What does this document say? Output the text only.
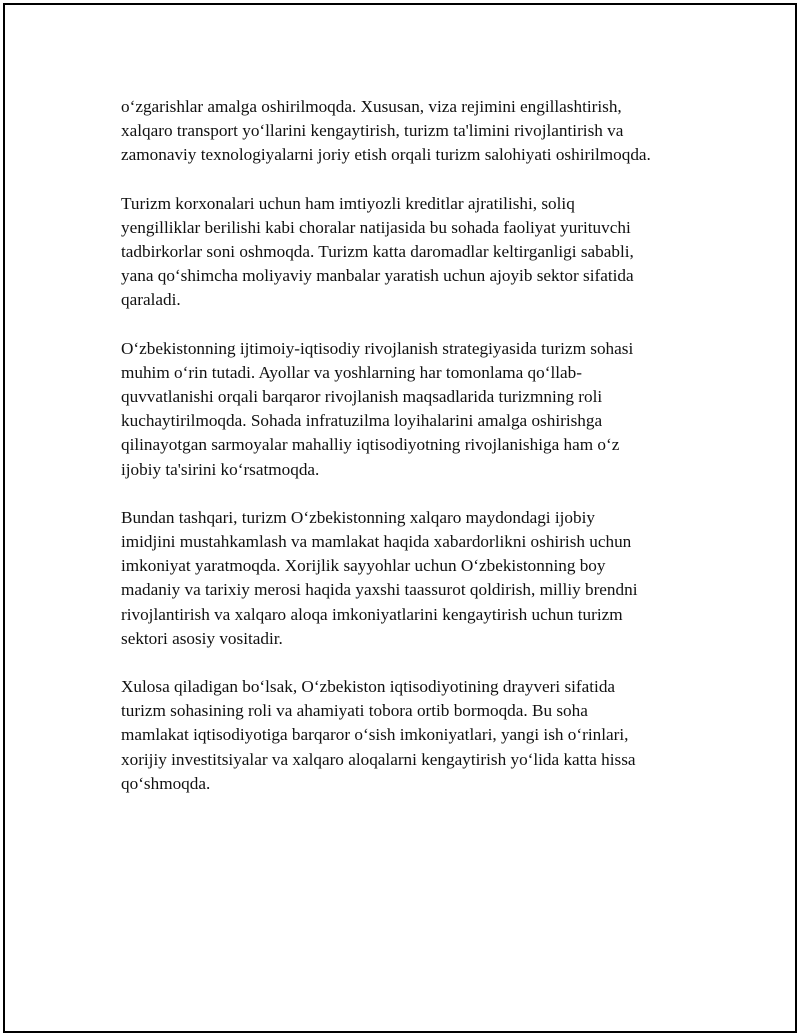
o‘zgarishlar amalga oshirilmoqda. Xususan, viza rejimini engillashtirish,
xalqaro transport yo‘llarini kengaytirish, turizm ta'limini rivojlantirish va
zamonaviy texnologiyalarni joriy etish orqali turizm salohiyati oshirilmoqda.

Turizm korxonalari uchun ham imtiyozli kreditlar ajratilishi, soliq
yengilliklar berilishi kabi choralar natijasida bu sohada faoliyat yurituvchi
tadbirkorlar soni oshmoqda. Turizm katta daromadlar keltirganligi sababli,
yana qo‘shimcha moliyaviy manbalar yaratish uchun ajoyib sektor sifatida
qaraladi.

O‘zbekistonning ijtimoiy-iqtisodiy rivojlanish strategiyasida turizm sohasi
muhim o‘rin tutadi. Ayollar va yoshlarning har tomonlama qo‘llab-
quvvatlanishi orqali barqaror rivojlanish maqsadlarida turizmning roli
kuchaytirilmoqda. Sohada infratuzilma loyihalarini amalga oshirishga
qilinayotgan sarmoyalar mahalliy iqtisodiyotning rivojlanishiga ham o‘z
ijobiy ta'sirini ko‘rsatmoqda.

Bundan tashqari, turizm O‘zbekistonning xalqaro maydondagi ijobiy
imidjini mustahkamlash va mamlakat haqida xabardorlikni oshirish uchun
imkoniyat yaratmoqda. Xorijlik sayyohlar uchun O‘zbekistonning boy
madaniy va tarixiy merosi haqida yaxshi taassurot qoldirish, milliy brendni
rivojlantirish va xalqaro aloqa imkoniyatlarini kengaytirish uchun turizm
sektori asosiy vositadir.

Xulosa qiladigan bo‘lsak, O‘zbekiston iqtisodiyotining drayveri sifatida
turizm sohasining roli va ahamiyati tobora ortib bormoqda. Bu soha
mamlakat iqtisodiyotiga barqaror o‘sish imkoniyatlari, yangi ish o‘rinlari,
xorijiy investitsiyalar va xalqaro aloqalarni kengaytirish yo‘lida katta hissa
qo‘shmoqda.
